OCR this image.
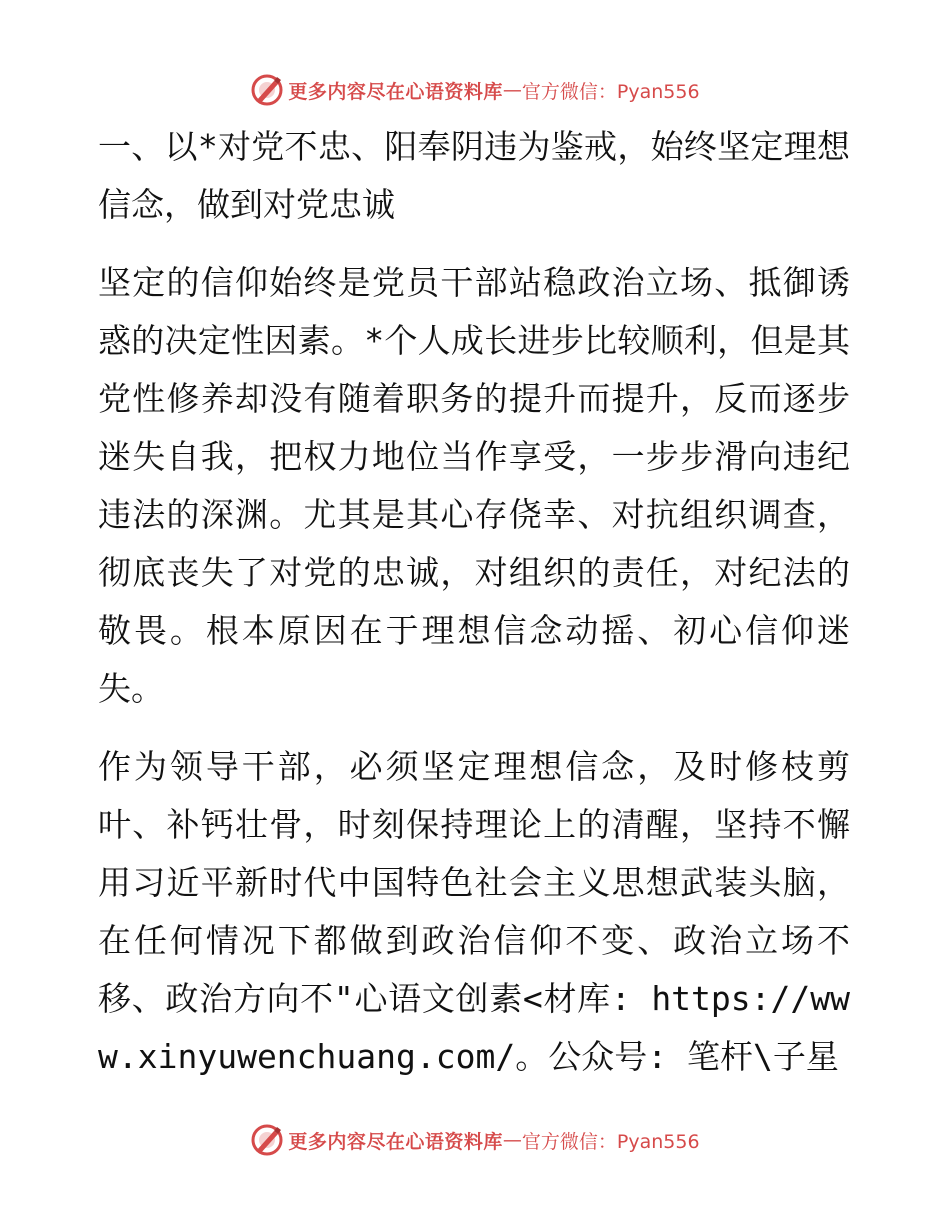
更多内容尽在心语资料库 — 官方微信：Pyan556

一、以*对党不忠、阳奉阴违为鉴戒，始终坚定理想信念，做到对党忠诚

坚定的信仰始终是党员干部站稳政治立场、抵御诱惑的决定性因素。*个人成长进步比较顺利，但是其党性修养却没有随着职务的提升而提升，反而逐步迷失自我，把权力地位当作享受，一步步滑向违纪违法的深渊。尤其是其心存侥幸、对抗组织调查，彻底丧失了对党的忠诚，对组织的责任，对纪法的敬畏。根本原因在于理想信念动摇、初心信仰迷失。

作为领导干部，必须坚定理想信念，及时修枝剪叶、补钙壮骨，时刻保持理论上的清醒，坚持不懈用习近平新时代中国特色社会主义思想武装头脑，在任何情况下都做到政治信仰不变、政治立场不移、政治方向不"心语文创素<材库: https://www.xinyuwenchuang.com/。公众号: 笔杆\子星

更多内容尽在心语资料库 — 官方微信：Pyan556
